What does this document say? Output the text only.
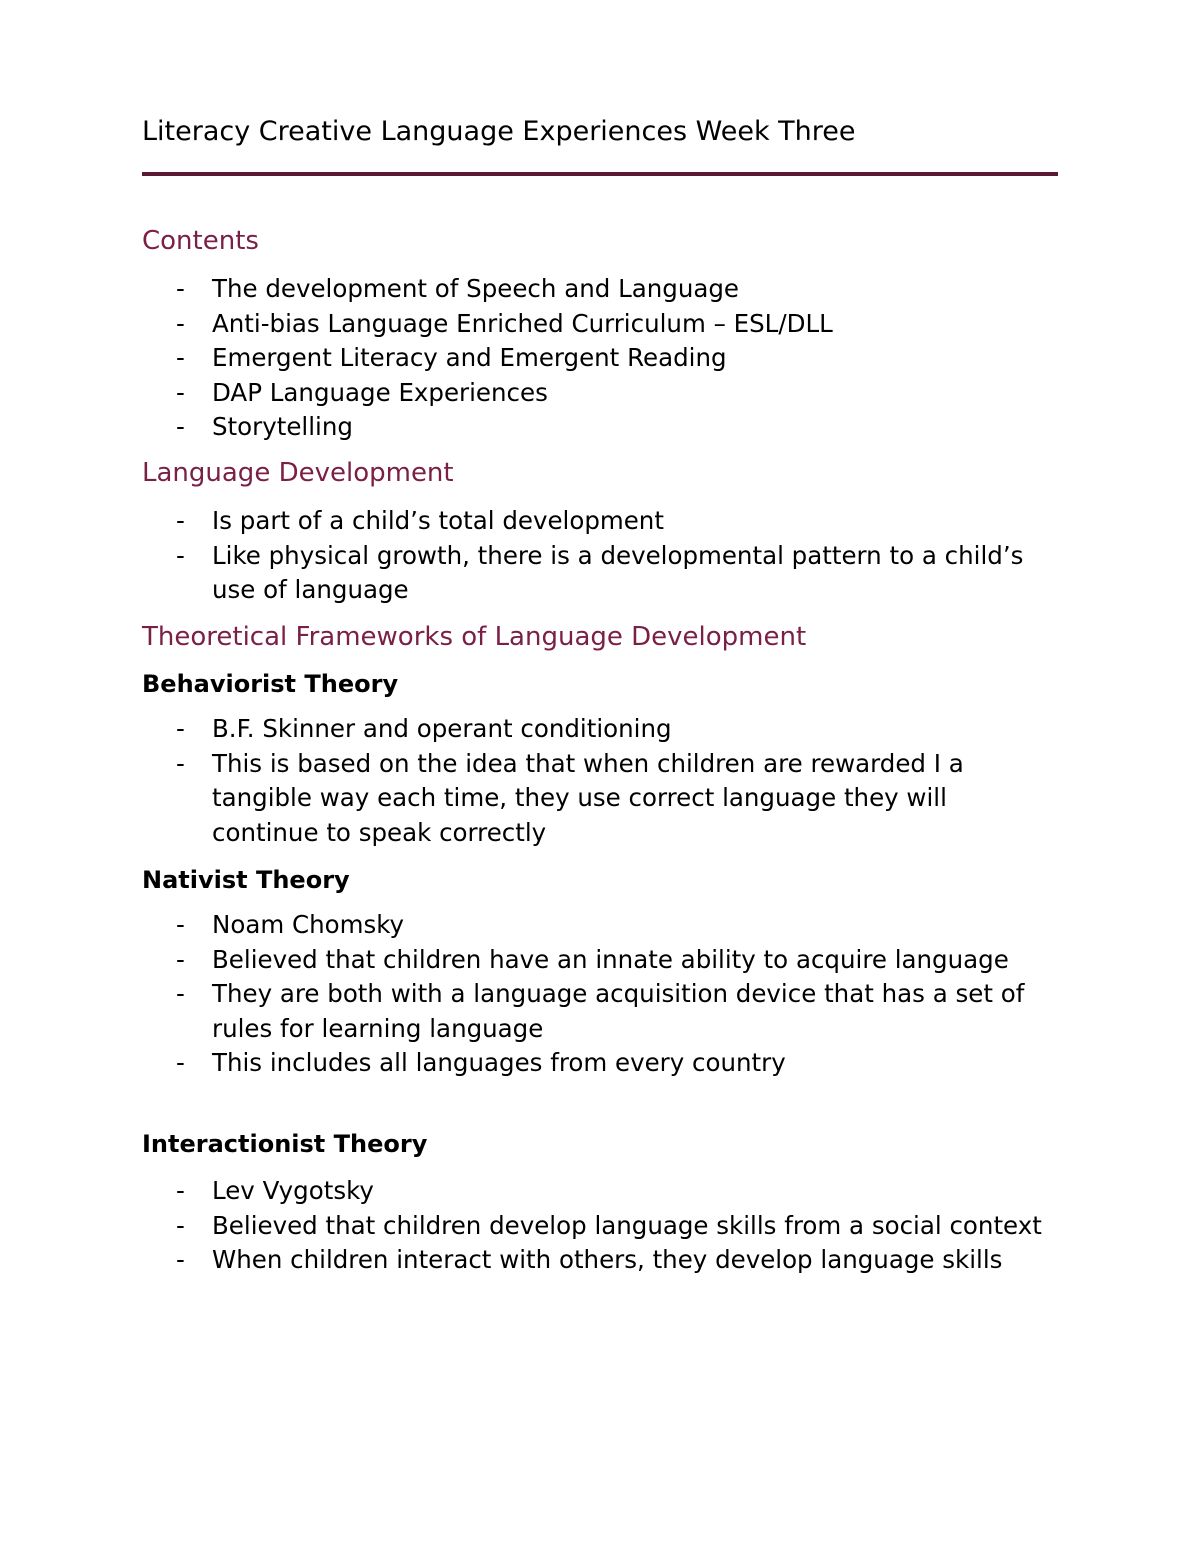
Literacy Creative Language Experiences Week Three
Contents
- The development of Speech and Language
- Anti-bias Language Enriched Curriculum – ESL/DLL
- Emergent Literacy and Emergent Reading
- DAP Language Experiences
- Storytelling
Language Development
- Is part of a child’s total development
- Like physical growth, there is a developmental pattern to a child’s use of language
Theoretical Frameworks of Language Development
Behaviorist Theory
- B.F. Skinner and operant conditioning
- This is based on the idea that when children are rewarded I a tangible way each time, they use correct language they will continue to speak correctly
Nativist Theory
- Noam Chomsky
- Believed that children have an innate ability to acquire language
- They are both with a language acquisition device that has a set of rules for learning language
- This includes all languages from every country
Interactionist Theory
- Lev Vygotsky
- Believed that children develop language skills from a social context
- When children interact with others, they develop language skills
